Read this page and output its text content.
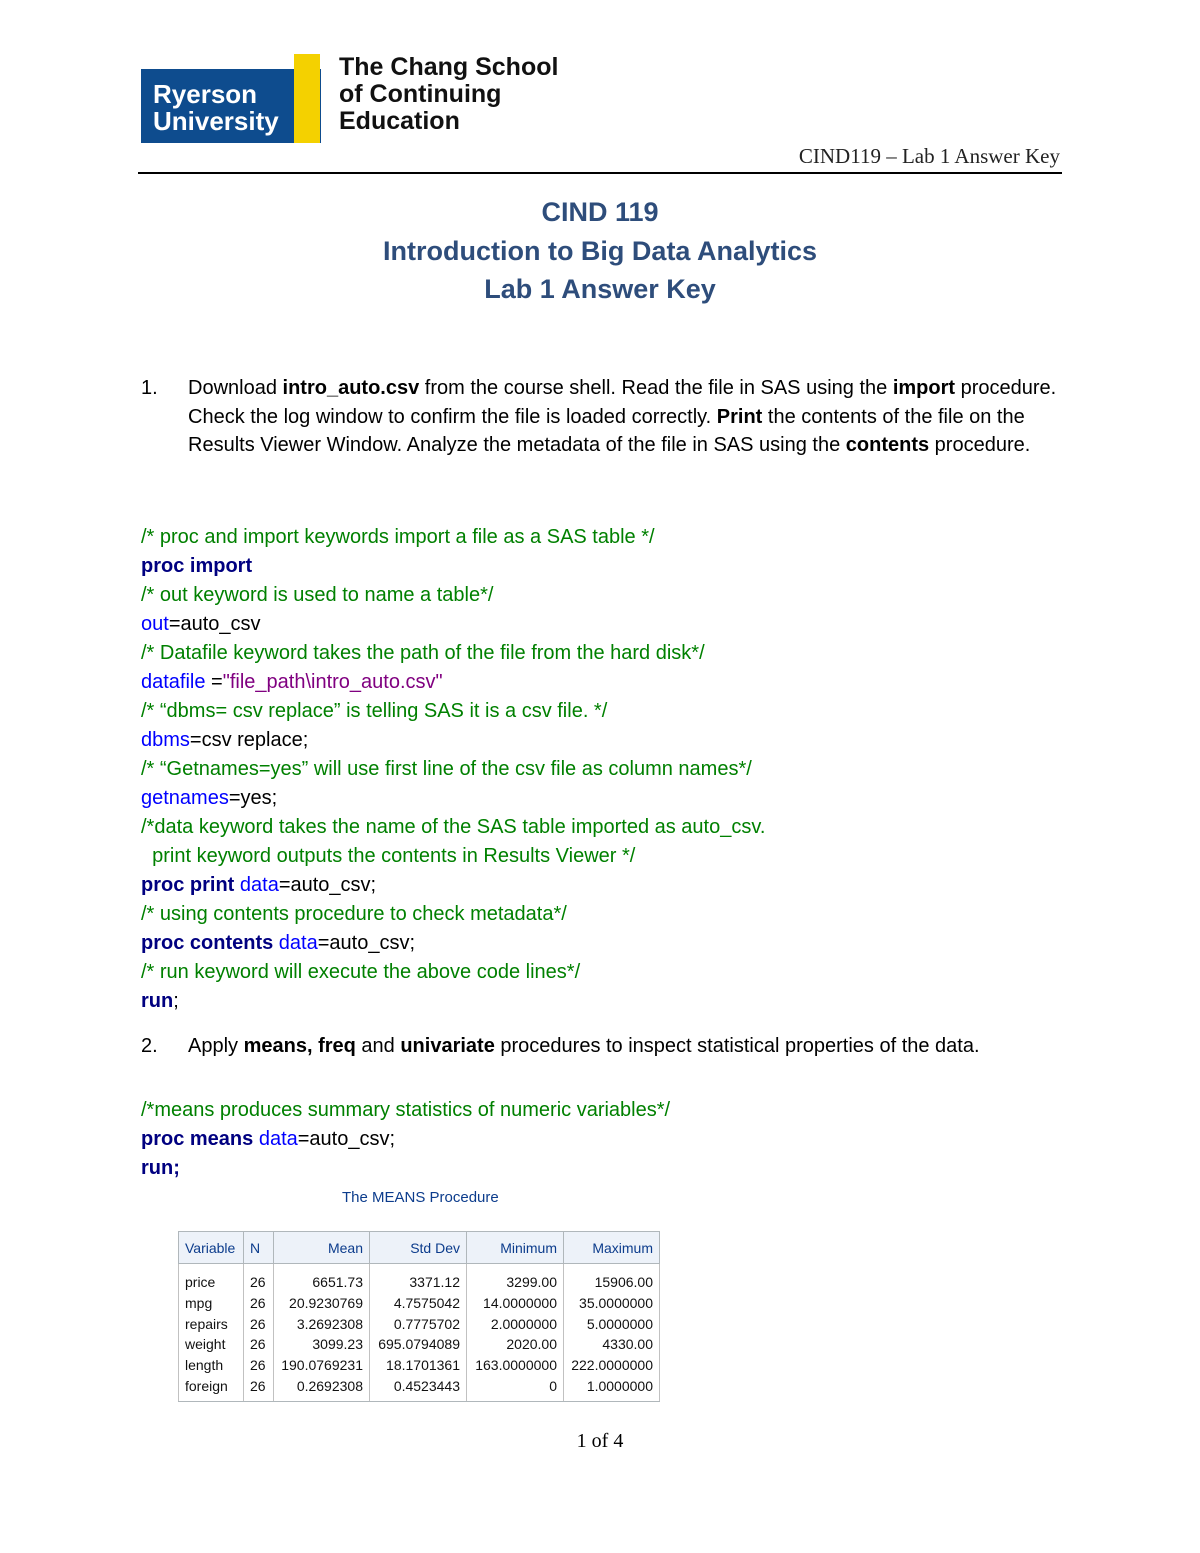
Ryerson
University
The Chang School
of Continuing
Education
CIND119 – Lab 1 Answer Key
CIND 119
Introduction to Big Data Analytics
Lab 1 Answer Key
1. Download intro_auto.csv from the course shell. Read the file in SAS using the import procedure. Check the log window to confirm the file is loaded correctly. Print the contents of the file on the Results Viewer Window. Analyze the metadata of the file in SAS using the contents procedure.
/* proc and import keywords import a file as a SAS table */
proc import
/* out keyword is used to name a table*/
out=auto_csv
/* Datafile keyword takes the path of the file from the hard disk*/
datafile ="file_path\intro_auto.csv"
/* “dbms= csv replace” is telling SAS it is a csv file. */
dbms=csv replace;
/* “Getnames=yes” will use first line of the csv file as column names*/
getnames=yes;
/*data keyword takes the name of the SAS table imported as auto_csv.
print keyword outputs the contents in Results Viewer */
proc print data=auto_csv;
/* using contents procedure to check metadata*/
proc contents data=auto_csv;
/* run keyword will execute the above code lines*/
run;
2. Apply means, freq and univariate procedures to inspect statistical properties of the data.
/*means produces summary statistics of numeric variables*/
proc means data=auto_csv;
run;
The MEANS Procedure
Variable	N	Mean	Std Dev	Minimum	Maximum
price	26	6651.73	3371.12	3299.00	15906.00
mpg	26	20.9230769	4.7575042	14.0000000	35.0000000
repairs	26	3.2692308	0.7775702	2.0000000	5.0000000
weight	26	3099.23	695.0794089	2020.00	4330.00
length	26	190.0769231	18.1701361	163.0000000	222.0000000
foreign	26	0.2692308	0.4523443	0	1.0000000
1 of 4
